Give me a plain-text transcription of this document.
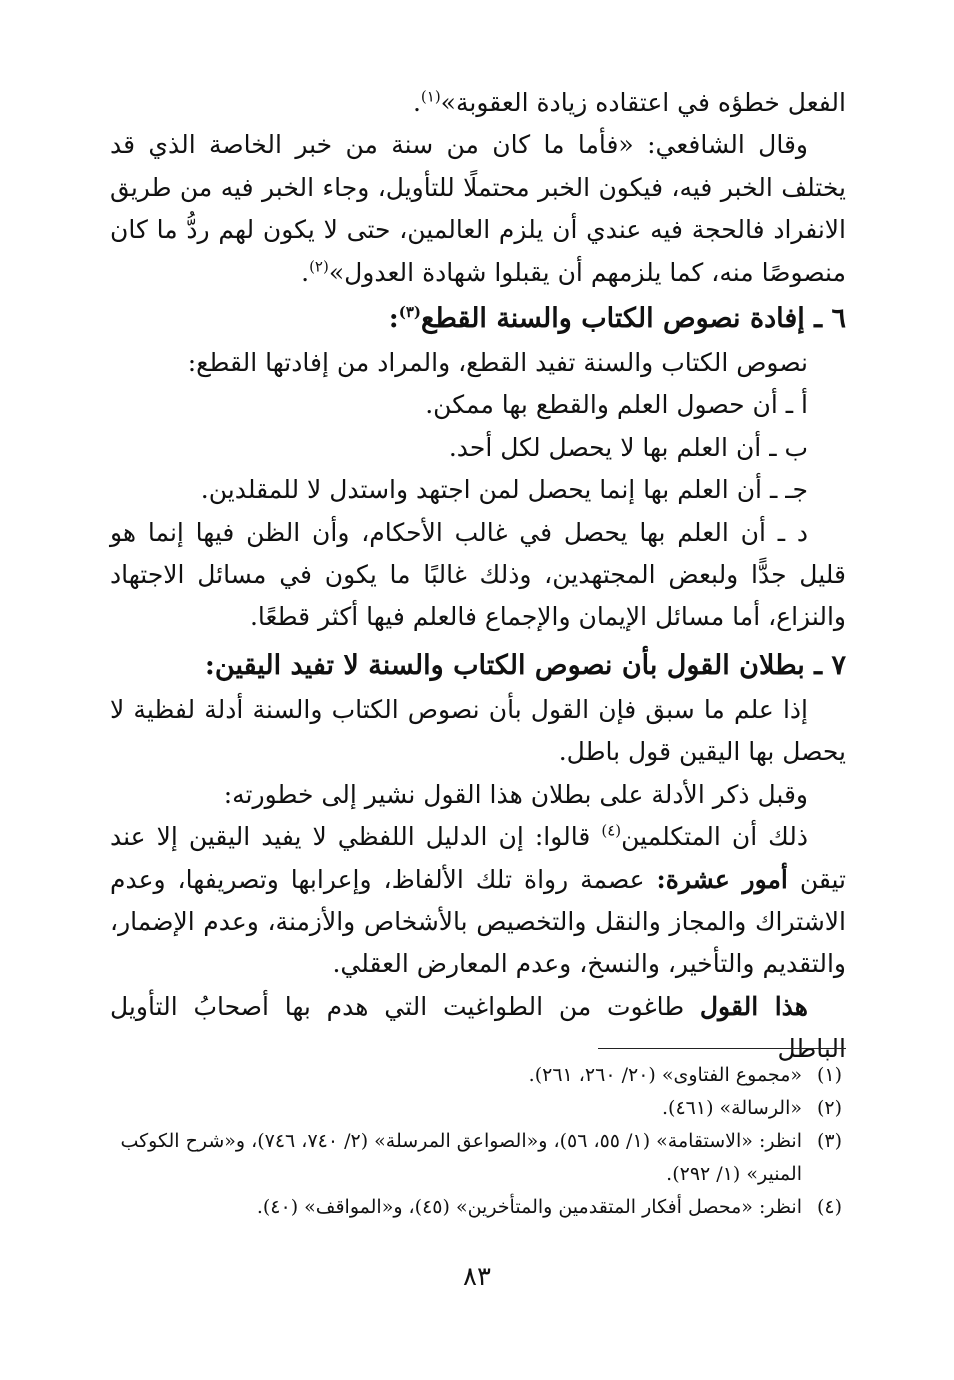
الفعل خطؤه في اعتقاده زيادة العقوبة»$^{(١)}$.

وقال الشافعي: «فأما ما كان من سنة من خبر الخاصة الذي قد يختلف الخبر فيه، فيكون الخبر محتملًا للتأويل، وجاء الخبر فيه من طريق الانفراد فالحجة فيه عندي أن يلزم العالمين، حتى لا يكون لهم ردُّ ما كان منصوصًا منه، كما يلزمهم أن يقبلوا شهادة العدول»$^{(٢)}$.

٦ ـ إفادة نصوص الكتاب والسنة القطع$^{(٣)}$:

نصوص الكتاب والسنة تفيد القطع، والمراد من إفادتها القطع:

أ ـ أن حصول العلم والقطع بها ممكن.

ب ـ أن العلم بها لا يحصل لكل أحد.

جـ ـ أن العلم بها إنما يحصل لمن اجتهد واستدل لا للمقلدين.

د ـ أن العلم بها يحصل في غالب الأحكام، وأن الظن فيها إنما هو قليل جدًّا ولبعض المجتهدين، وذلك غالبًا ما يكون في مسائل الاجتهاد والنزاع، أما مسائل الإيمان والإجماع فالعلم فيها أكثر قطعًا.

٧ ـ بطلان القول بأن نصوص الكتاب والسنة لا تفيد اليقين:

إذا علم ما سبق فإن القول بأن نصوص الكتاب والسنة أدلة لفظية لا يحصل بها اليقين قول باطل.

وقبل ذكر الأدلة على بطلان هذا القول نشير إلى خطورته:

ذلك أن المتكلمين$^{(٤)}$ قالوا: إن الدليل اللفظي لا يفيد اليقين إلا عند تيقن أمور عشرة: عصمة رواة تلك الألفاظ، وإعرابها وتصريفها، وعدم الاشتراك والمجاز والنقل والتخصيص بالأشخاص والأزمنة، وعدم الإضمار، والتقديم والتأخير، والنسخ، وعدم المعارض العقلي.

هذا القول طاغوت من الطواغيت التي هدم بها أصحابُ التأويل الباطل

(١)
«مجموع الفتاوى» (٢٠/ ٢٦٠، ٢٦١).

(٢)
«الرسالة» (٤٦١).

(٣)
انظر: «الاستقامة» (١/ ٥٥، ٥٦)، و«الصواعق المرسلة» (٢/ ٧٤٠، ٧٤٦)، و«شرح الكوكب المنير» (١/ ٢٩٢).

(٤)
انظر: «محصل أفكار المتقدمين والمتأخرين» (٤٥)، و«المواقف» (٤٠).

٨٣
